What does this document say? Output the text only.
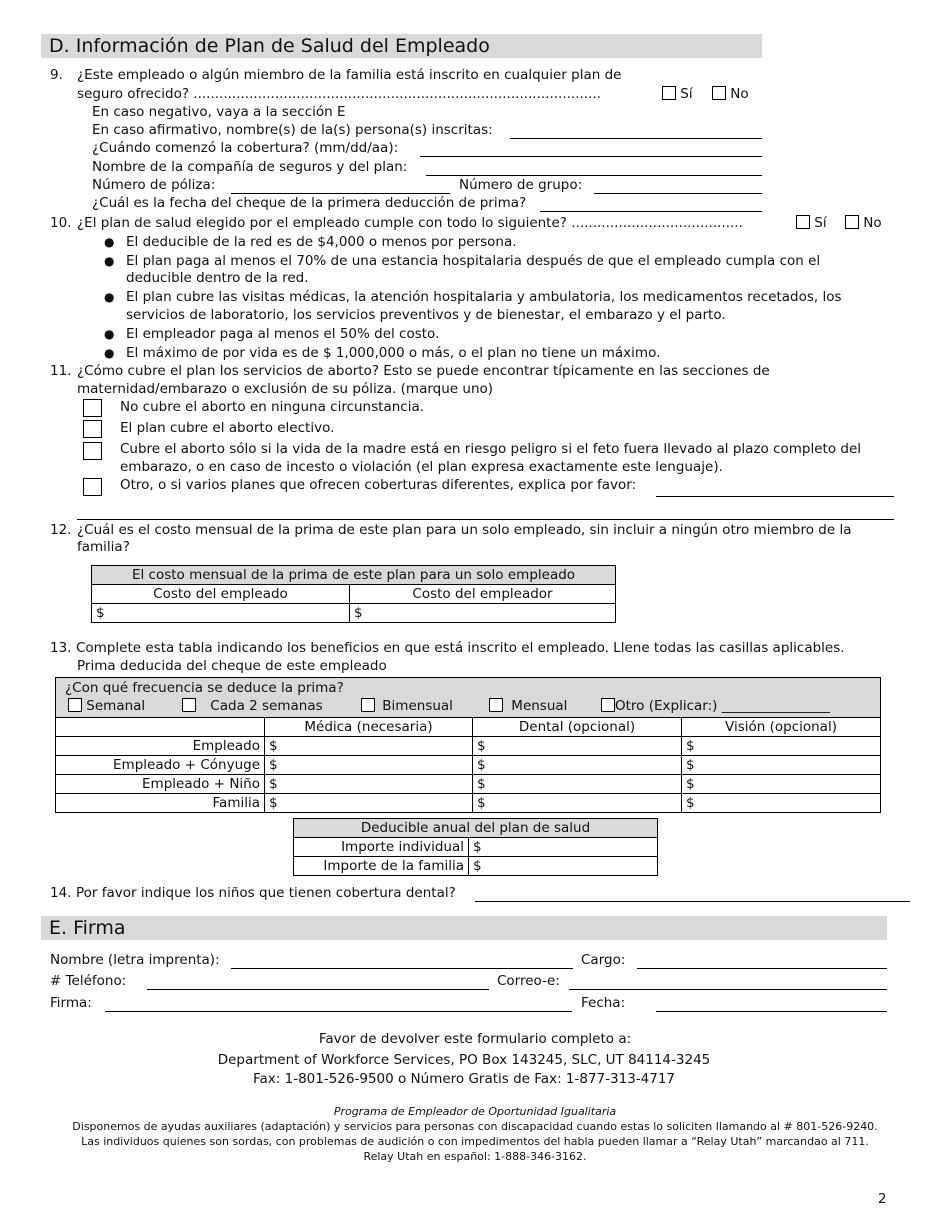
D. Información de Plan de Salud del Empleado
9. ¿Este empleado o algún miembro de la familia está inscrito en cualquier plan de
seguro ofrecido? ...............................................................................................	Sí	No
En caso negativo, vaya a la sección E
En caso afirmativo, nombre(s) de la(s) persona(s) inscritas:
¿Cuándo comenzó la cobertura? (mm/dd/aa):
Nombre de la compañía de seguros y del plan:
Número de póliza:	Número de grupo:
¿Cuál es la fecha del cheque de la primera deducción de prima?
10. ¿El plan de salud elegido por el empleado cumple con todo lo siguiente? ........................................	Sí	No
● El deducible de la red es de $4,000 o menos por persona.
● El plan paga al menos el 70% de una estancia hospitalaria después de que el empleado cumpla con el
deducible dentro de la red.
● El plan cubre las visitas médicas, la atención hospitalaria y ambulatoria, los medicamentos recetados, los
servicios de laboratorio, los servicios preventivos y de bienestar, el embarazo y el parto.
● El empleador paga al menos el 50% del costo.
● El máximo de por vida es de $ 1,000,000 o más, o el plan no tiene un máximo.
11. ¿Cómo cubre el plan los servicios de aborto? Esto se puede encontrar típicamente en las secciones de
maternidad/embarazo o exclusión de su póliza. (marque uno)
No cubre el aborto en ninguna circunstancia.
El plan cubre el aborto electivo.
Cubre el aborto sólo si la vida de la madre está en riesgo peligro si el feto fuera llevado al plazo completo del
embarazo, o en caso de incesto o violación (el plan expresa exactamente este lenguaje).
Otro, o si varios planes que ofrecen coberturas diferentes, explica por favor:
12. ¿Cuál es el costo mensual de la prima de este plan para un solo empleado, sin incluir a ningún otro miembro de la
familia?
El costo mensual de la prima de este plan para un solo empleado	
Costo del empleado	Costo del empleador
$	$
13. Complete esta tabla indicando los beneficios en que está inscrito el empleado. Llene todas las casillas aplicables.
Prima deducida del cheque de este empleado
¿Con qué frecuencia se deduce la prima?
Semanal	Cada 2 semanas	Bimensual	Mensual	Otro (Explicar:) ________________
	Médica (necesaria)	Dental (opcional)	Visión (opcional)
Empleado	$	$	$
Empleado + Cónyuge	$	$	$
Empleado + Niño	$	$	$
Familia	$	$	$
Deducible anual del plan de salud	
Importe individual	$
Importe de la familia	$
14. Por favor indique los niños que tienen cobertura dental?
E. Firma
Nombre (letra imprenta):	Cargo:
# Teléfono:	Correo-e:
Firma:	Fecha:
Favor de devolver este formulario completo a:
Department of Workforce Services, PO Box 143245, SLC, UT 84114-3245
Fax: 1-801-526-9500 o Número Gratis de Fax: 1-877-313-4717
Programa de Empleador de Oportunidad Igualitaria
Disponemos de ayudas auxiliares (adaptación) y servicios para personas con discapacidad cuando estas lo soliciten llamando al # 801-526-9240.
Las individuos quienes son sordas, con problemas de audición o con impedimentos del habla pueden llamar a “Relay Utah” marcandao al 711.
Relay Utah en español: 1-888-346-3162.
2
